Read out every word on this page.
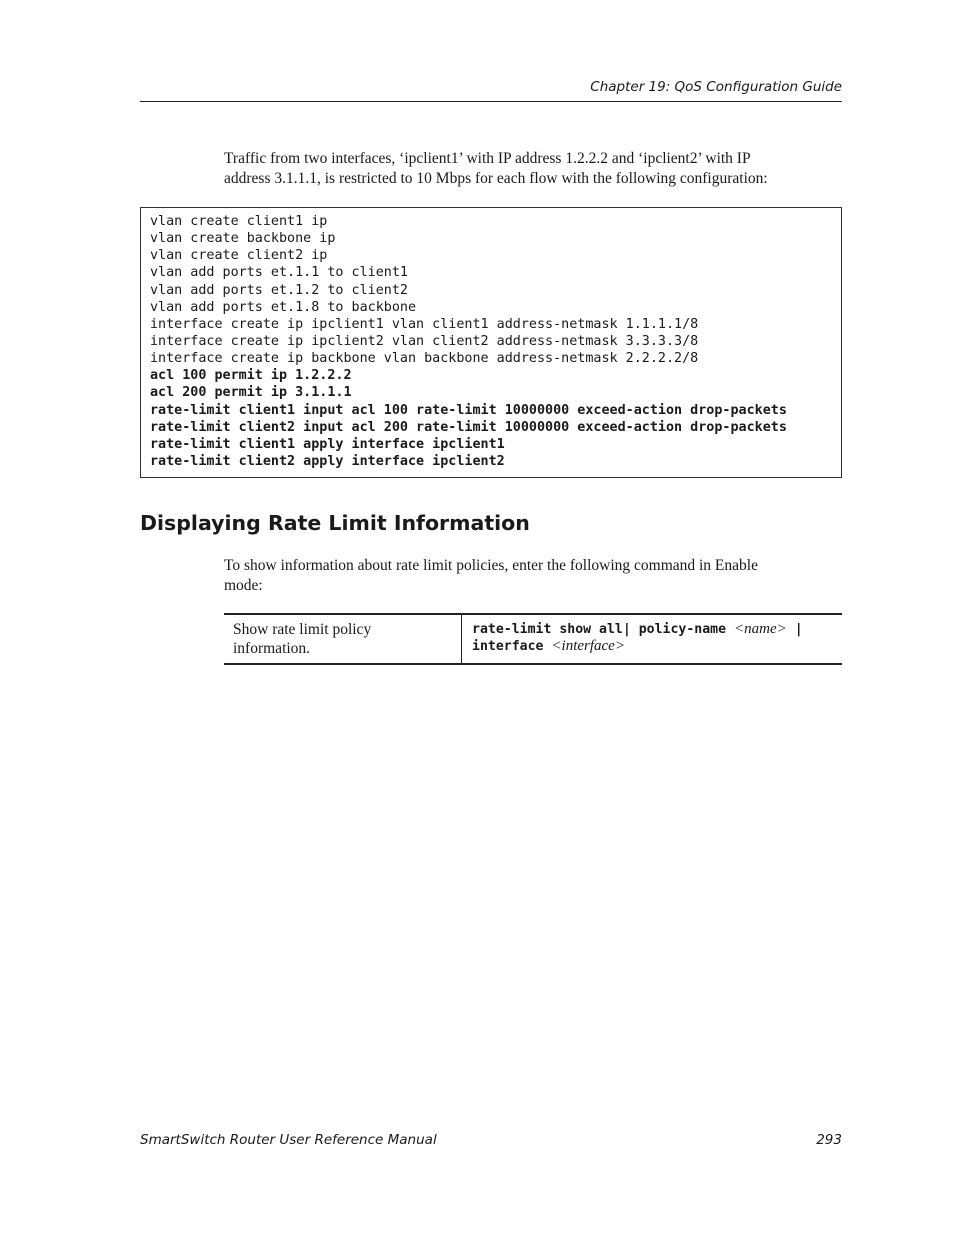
Chapter 19: QoS Configuration Guide
Traffic from two interfaces, ‘ipclient1’ with IP address 1.2.2.2 and ‘ipclient2’ with IP
address 3.1.1.1, is restricted to 10 Mbps for each flow with the following configuration:
vlan create client1 ip
vlan create backbone ip
vlan create client2 ip
vlan add ports et.1.1 to client1
vlan add ports et.1.2 to client2
vlan add ports et.1.8 to backbone
interface create ip ipclient1 vlan client1 address-netmask 1.1.1.1/8
interface create ip ipclient2 vlan client2 address-netmask 3.3.3.3/8
interface create ip backbone vlan backbone address-netmask 2.2.2.2/8
acl 100 permit ip 1.2.2.2
acl 200 permit ip 3.1.1.1
rate-limit client1 input acl 100 rate-limit 10000000 exceed-action drop-packets
rate-limit client2 input acl 200 rate-limit 10000000 exceed-action drop-packets
rate-limit client1 apply interface ipclient1
rate-limit client2 apply interface ipclient2
Displaying Rate Limit Information
To show information about rate limit policies, enter the following command in Enable
mode:
Show rate limit policy
information.
rate-limit show all| policy-name <name> |
interface <interface>
SmartSwitch Router User Reference Manual	293
